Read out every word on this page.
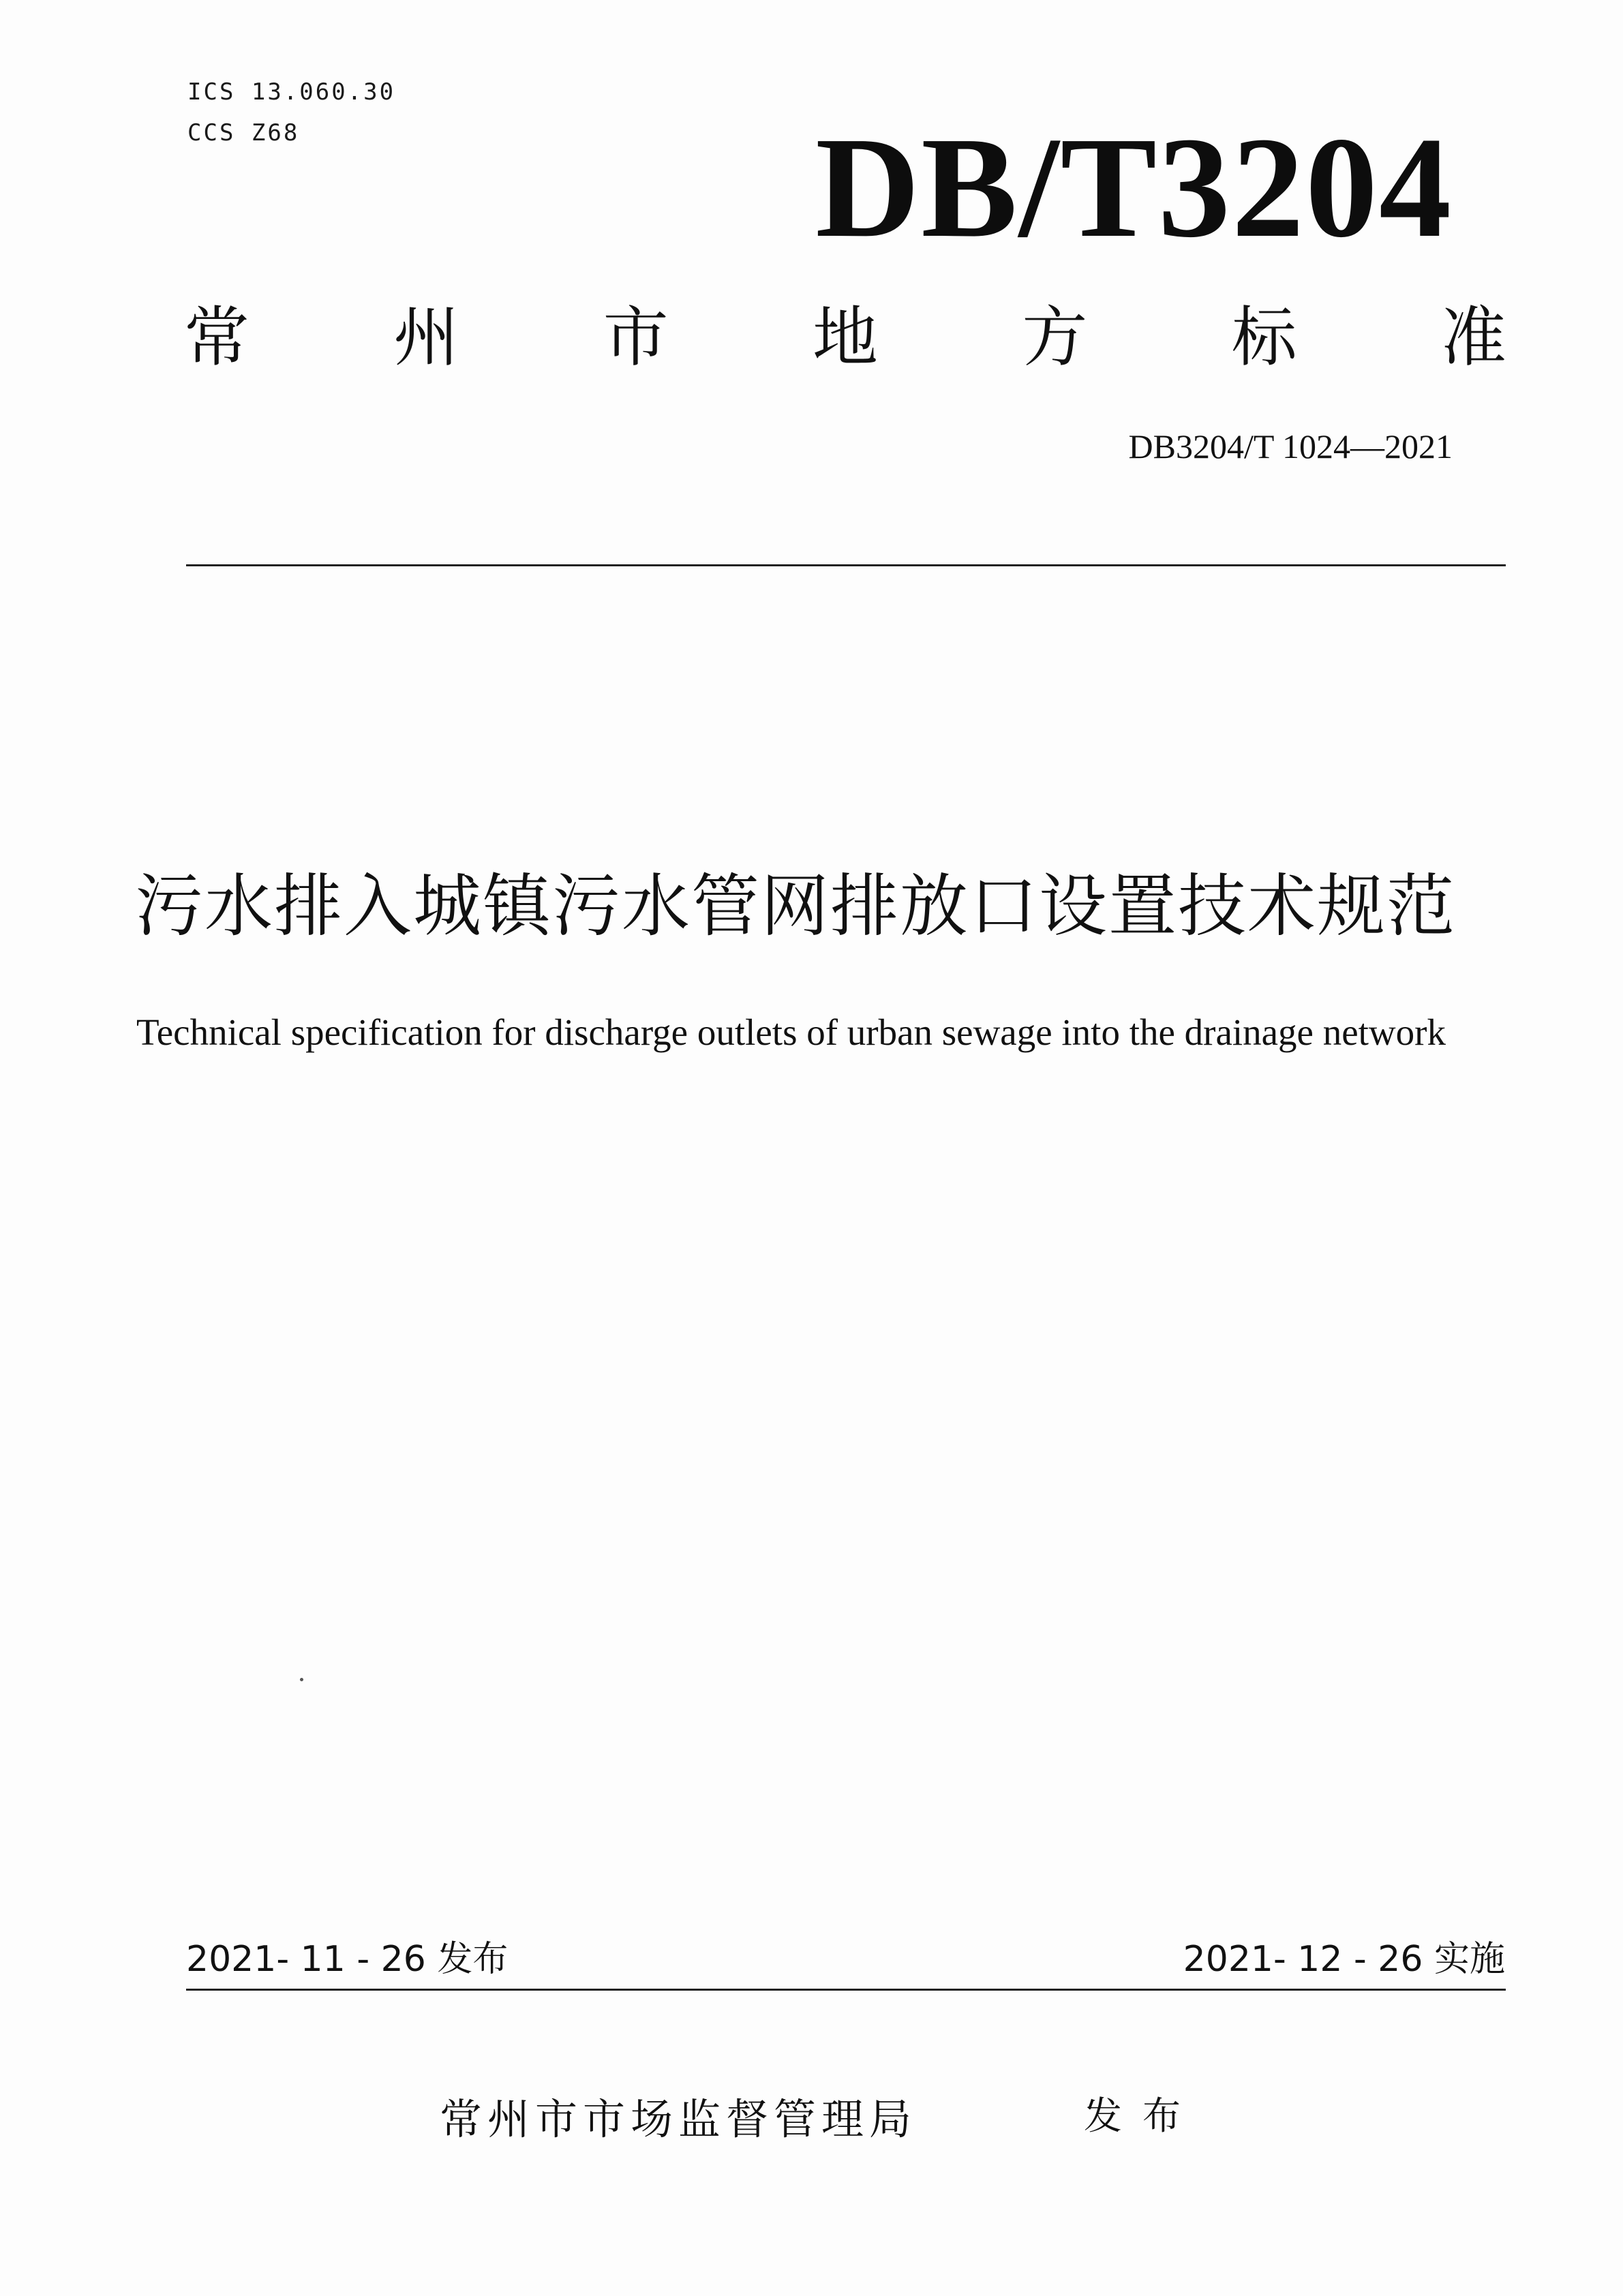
ICS 13.060.30
CCS Z68	DB/T3204
常 州 市 地 方 标 准
DB3204/T 1024—2021
污水排入城镇污水管网排放口设置技术规范
Technical specification for discharge outlets of urban sewage into the drainage network
2021- 11 - 26 发布	2021- 12 - 26 实施
常州市市场监督管理局	发布
